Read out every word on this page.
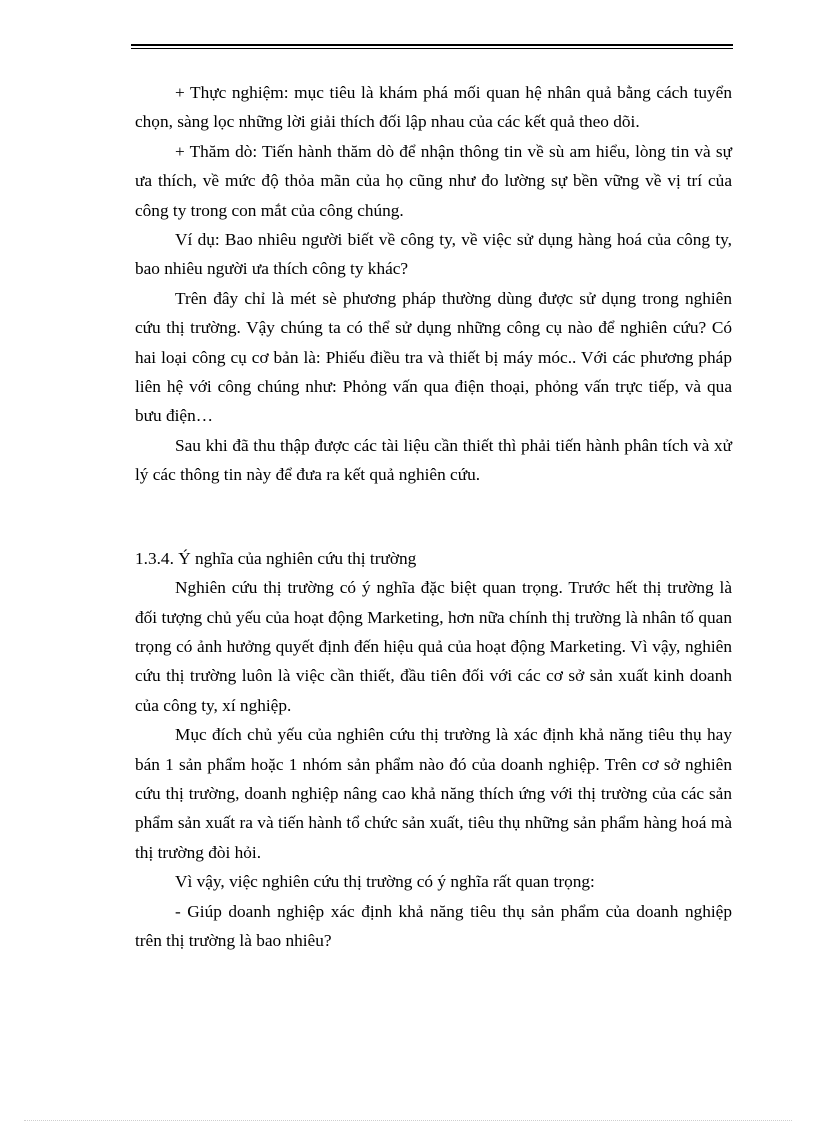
+ Thực nghiệm: mục tiêu là khám phá mối quan hệ nhân quả bằng cách tuyển chọn, sàng lọc những lời giải thích đối lập nhau của các kết quả theo dõi.

+ Thăm dò: Tiến hành thăm dò để nhận thông tin về sù am hiểu, lòng tin và sự ưa thích, về mức độ thỏa mãn của họ cũng như đo lường sự bền vững về vị trí của công ty trong con mắt của công chúng.

Ví dụ: Bao nhiêu người biết về công ty, về việc sử dụng hàng hoá của công ty, bao nhiêu người ưa thích công ty khác?

Trên đây chỉ là mét sè phương pháp thường dùng được sử dụng trong nghiên cứu thị trường. Vậy chúng ta có thể sử dụng những công cụ nào để nghiên cứu? Có hai loại công cụ cơ bản là: Phiếu điều tra và thiết bị máy móc.. Với các phương pháp liên hệ với công chúng như: Phỏng vấn qua điện thoại, phỏng vấn trực tiếp, và qua bưu điện…

Sau khi đã thu thập được các tài liệu cần thiết thì phải tiến hành phân tích và xử lý các thông tin này để đưa ra kết quả nghiên cứu.

1.3.4. Ý nghĩa của nghiên cứu thị trường

Nghiên cứu thị trường có ý nghĩa đặc biệt quan trọng. Trước hết thị trường là đối tượng chủ yếu của hoạt động Marketing, hơn nữa chính thị trường là nhân tố quan trọng có ảnh hưởng quyết định đến hiệu quả của hoạt động Marketing. Vì vậy, nghiên cứu thị trường luôn là việc cần thiết, đầu tiên đối với các cơ sở sản xuất kinh doanh của công ty, xí nghiệp.

Mục đích chủ yếu của nghiên cứu thị trường là xác định khả năng tiêu thụ hay bán 1 sản phẩm hoặc 1 nhóm sản phẩm nào đó của doanh nghiệp. Trên cơ sở nghiên cứu thị trường, doanh nghiệp nâng cao khả năng thích ứng với thị trường của các sản phẩm sản xuất ra và tiến hành tổ chức sản xuất, tiêu thụ những sản phẩm hàng hoá mà thị trường đòi hỏi.

Vì vậy, việc nghiên cứu thị trường có ý nghĩa rất quan trọng:

- Giúp doanh nghiệp xác định khả năng tiêu thụ sản phẩm của doanh nghiệp trên thị trường là bao nhiêu?
